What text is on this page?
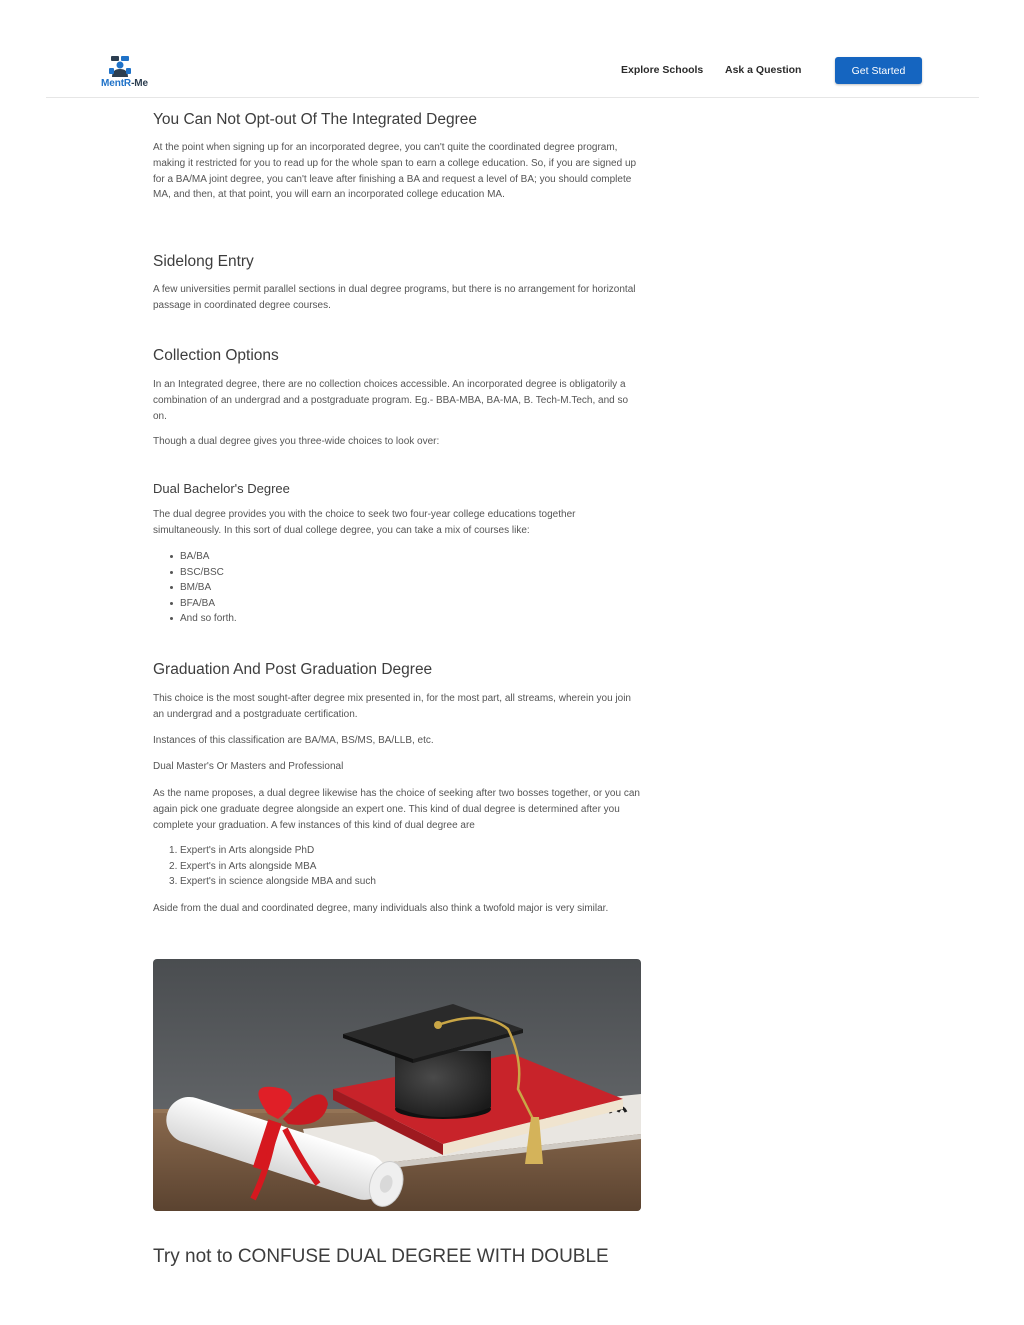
MentR-Me
Explore Schools Ask a Question	Get Started
You Can Not Opt-out Of The Integrated Degree

At the point when signing up for an incorporated degree, you can't quite the coordinated degree program, making it restricted for you to read up for the whole span to earn a college education. So, if you are signed up for a BA/MA joint degree, you can't leave after finishing a BA and request a level of BA; you should complete MA, and then, at that point, you will earn an incorporated college education MA.

Sidelong Entry

A few universities permit parallel sections in dual degree programs, but there is no arrangement for horizontal passage in coordinated degree courses.

Collection Options

In an Integrated degree, there are no collection choices accessible. An incorporated degree is obligatorily a combination of an undergrad and a postgraduate program. Eg.- BBA-MBA, BA-MA, B. Tech-M.Tech, and so on.

Though a dual degree gives you three-wide choices to look over:

Dual Bachelor's Degree

The dual degree provides you with the choice to seek two four-year college educations together simultaneously. In this sort of dual college degree, you can take a mix of courses like:

BA/BA
BSC/BSC
BM/BA
BFA/BA
And so forth.
Graduation And Post Graduation Degree

This choice is the most sought-after degree mix presented in, for the most part, all streams, wherein you join an undergrad and a postgraduate certification.

Instances of this classification are BA/MA, BS/MS, BA/LLB, etc.

Dual Master's Or Masters and Professional

As the name proposes, a dual degree likewise has the choice of seeking after two bosses together, or you can again pick one graduate degree alongside an expert one. This kind of dual degree is determined after you complete your graduation. A few instances of this kind of dual degree are

Expert's in Arts alongside PhD
Expert's in Arts alongside MBA
Expert's in science alongside MBA and such

Aside from the dual and coordinated degree, many individuals also think a twofold major is very similar.

Try not to CONFUSE DUAL DEGREE WITH DOUBLE
